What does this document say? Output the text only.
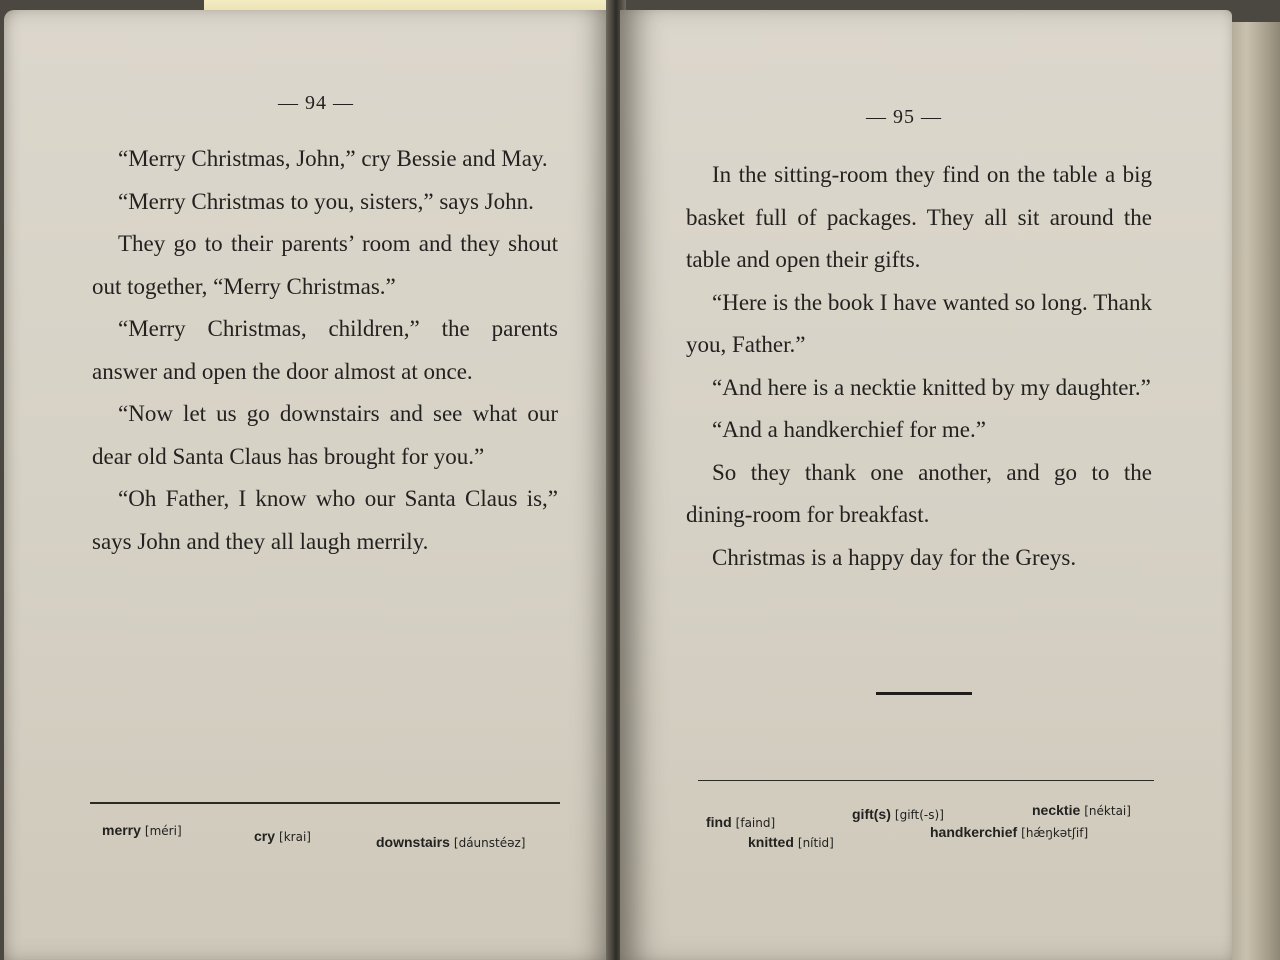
— 94 —

“Merry Christmas, John,” cry Bessie and May.

“Merry Christmas to you, sisters,” says John.

They go to their parents’ room and they shout out together, “Merry Christmas.”

“Merry Christmas, children,” the parents answer and open the door almost at once.

“Now let us go downstairs and see what our dear old Santa Claus has brought for you.”

“Oh Father, I know who our Santa Claus is,” says John and they all laugh merrily.

merry [méri]	cry [krai]	downstairs [dáunstéəz]
— 95 —

In the sitting-room they find on the table a big basket full of packages. They all sit around the table and open their gifts.

“Here is the book I have wanted so long. Thank you, Father.”

“And here is a necktie knitted by my daughter.”

“And a handkerchief for me.”

So they thank one another, and go to the dining-room for breakfast.

Christmas is a happy day for the Greys.

find [faind]
knitted [nítid]
gift(s) [gift(-s)]
handkerchief [hǽŋkətʃif]
necktie [néktai]
